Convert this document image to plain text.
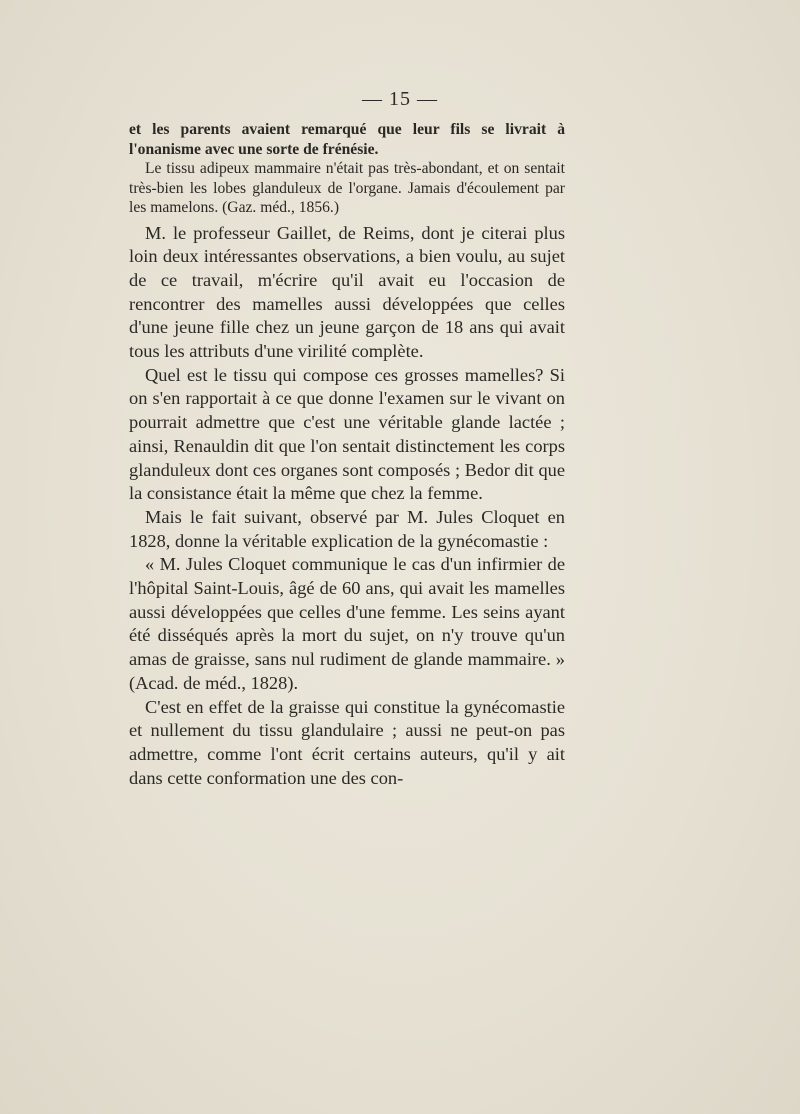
— 15 —

et les parents avaient remarqué que leur fils se livrait à l'onanisme avec une sorte de frénésie.

Le tissu adipeux mammaire n'était pas très-abondant, et on sentait très-bien les lobes glanduleux de l'organe. Jamais d'écoulement par les mamelons. (Gaz. méd., 1856.)

M. le professeur Gaillet, de Reims, dont je citerai plus loin deux intéressantes observations, a bien voulu, au sujet de ce travail, m'écrire qu'il avait eu l'occasion de rencontrer des mamelles aussi développées que celles d'une jeune fille chez un jeune garçon de 18 ans qui avait tous les attributs d'une virilité complète.

Quel est le tissu qui compose ces grosses mamelles? Si on s'en rapportait à ce que donne l'examen sur le vivant on pourrait admettre que c'est une véritable glande lactée ; ainsi, Renauldin dit que l'on sentait distinctement les corps glanduleux dont ces organes sont composés ; Bedor dit que la consistance était la même que chez la femme.

Mais le fait suivant, observé par M. Jules Cloquet en 1828, donne la véritable explication de la gynécomastie :

« M. Jules Cloquet communique le cas d'un infirmier de l'hôpital Saint-Louis, âgé de 60 ans, qui avait les mamelles aussi développées que celles d'une femme. Les seins ayant été disséqués après la mort du sujet, on n'y trouve qu'un amas de graisse, sans nul rudiment de glande mammaire. » (Acad. de méd., 1828).

C'est en effet de la graisse qui constitue la gynécomastie et nullement du tissu glandulaire ; aussi ne peut-on pas admettre, comme l'ont écrit certains auteurs, qu'il y ait dans cette conformation une des con-
